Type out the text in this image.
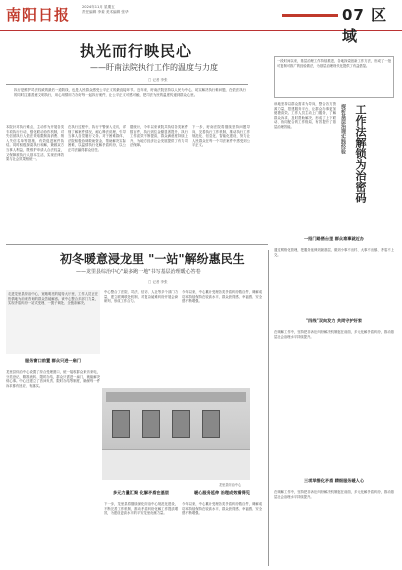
南阳日报	2024年11月 星期五
责任编辑 李姜 美术编辑 张华	07 区 域
执光而行映民心
——盱南法院执行工作的温度与力度
□ 记者 李张
执行是维护司法权威的最后一道防线，也是人民群众感受公平正义的最直接环节。近年来，盱南法院坚持以人民为中心，切实解决执行难问题，在依法执行的同时注重善意文明执行，用心用情用力办好每一起执行案件，让公平正义可感可触，把司法为民的温度传递到群众心里。
本院针对执行难点，主动作为开展各类专项执行行动，强化联动协作机制，对失信被执行人依法采取限制高消费、纳入失信名单等措施，有效促进案件执结。同时积极探索执行和解，兼顾双方当事人利益，既维护申请人合法权益，又保障被执行人基本生活，实现法律效果与社会效果相统一。
在执行过程中，执行干警深入走访，详细了解案件情况，耐心释法说理，引导当事人自觉履行义务。对于困难群体，法院积极协调救助资金，帮助解决实际困难，以温情执行化解矛盾纠纷，以公正司法赢得群众信任。
据统计，今年以来该院共执结各类案件数百件，执行到位金额显著提升，执行工作质效不断提高，群众满意度持续上升，为地方经济社会发展提供了有力司法保障。
下一步，盱南法院将继续坚持问题导向，完善执行工作机制，推动执行工作规范化、信息化、智能化建设，努力让人民群众在每一个司法案件中感受到公平正义。
一段时间以来，基层治理工作持续推进，各地探索创新工作方法，形成了一批可复制可推广的经验做法，为基层治理现代化提供了有益借鉴。
工作法解锁为治密码
探析基层治理实践经验
该地坚持以群众需求为导向，整合各方资源力量，搭建服务平台，让群众办事更加便捷高效。工作人员主动上门服务，了解群众诉求，及时帮助解决，形成了上下联动、协同配合的工作格局，有效提升了基层治理效能。
一招门路搭台里 群众难事就近办
通过网格化管理，把服务延伸到最基层，做到小事不出村、大事不出镇、矛盾不上交。
"四线"双向发力 共同守护好家
在调解工作中，坚持把非诉讼纠纷解决机制挺在前面，多元化解矛盾纠纷，推动基层社会治理水平持续提升。
三项举措化矛盾 精细服务暖人心
在调解工作中，坚持把非诉讼纠纷解决机制挺在前面，多元化解矛盾纠纷，推动基层社会治理水平持续提升。
初冬暖意浸龙里 "一站"解纷惠民生
——龙里县综治中心"最多跑一地"书写基层治理暖心答卷
□ 记者 李张
走进龙里县综治中心，宽敞明亮的接待大厅里，工作人员正在热情地为前来咨询的群众答疑解惑。该中心整合多部门力量，实现矛盾纠纷一站式受理、一揽子调处、全链条解决。
服务窗口前置 群众只进一扇门
龙里县综治中心设置了综合受理窗口，统一接收群众来访来电，分类登记、精准流转、限时办结，群众只需进一扇门，就能解决烦心事。中心还建立了首问负责、限时办结等制度，确保每一件诉求都有回应、有落实。
中心整合了法院、司法、信访、人社等多个部门力量，建立联调联处机制，对复杂疑难纠纷开展会商研判，形成工作合力。
今年以来，中心累计受理各类矛盾纠纷数百件，调解成功率持续保持在较高水平，群众获得感、幸福感、安全感不断增强。
龙里县综治中心
多元力量汇聚 化解矛盾在基层
下一步，龙里县将继续深化综治中心规范化建设，不断完善工作机制，推动矛盾纠纷化解工作提质增效，为建设更高水平的平安龙里贡献力量。
暖心服务延伸 治理成效看得见
今年以来，中心累计受理各类矛盾纠纷数百件，调解成功率持续保持在较高水平，群众获得感、幸福感、安全感不断增强。
